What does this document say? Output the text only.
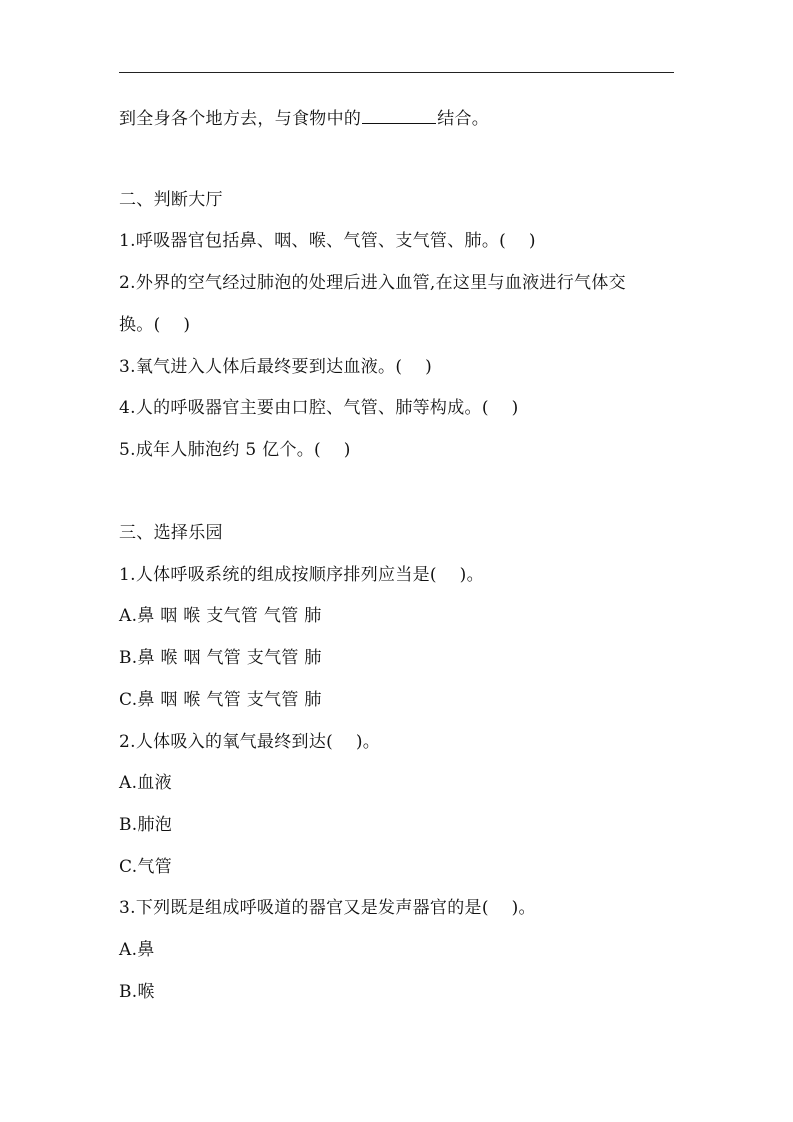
到全身各个地方去，与食物中的	结合。
二、判断大厅
1.呼吸器官包括鼻、咽、喉、气管、支气管、肺。(    )
2.外界的空气经过肺泡的处理后进入血管,在这里与血液进行气体交
换。(    )
3.氧气进入人体后最终要到达血液。(    )
4.人的呼吸器官主要由口腔、气管、肺等构成。(    )
5.成年人肺泡约 5 亿个。(    )
三、选择乐园
1.人体呼吸系统的组成按顺序排列应当是(    )。
A.鼻 咽 喉 支气管 气管 肺
B.鼻 喉 咽 气管 支气管 肺
C.鼻 咽 喉 气管 支气管 肺
2.人体吸入的氧气最终到达(    )。
A.血液
B.肺泡
C.气管
3.下列既是组成呼吸道的器官又是发声器官的是(    )。
A.鼻
B.喉
